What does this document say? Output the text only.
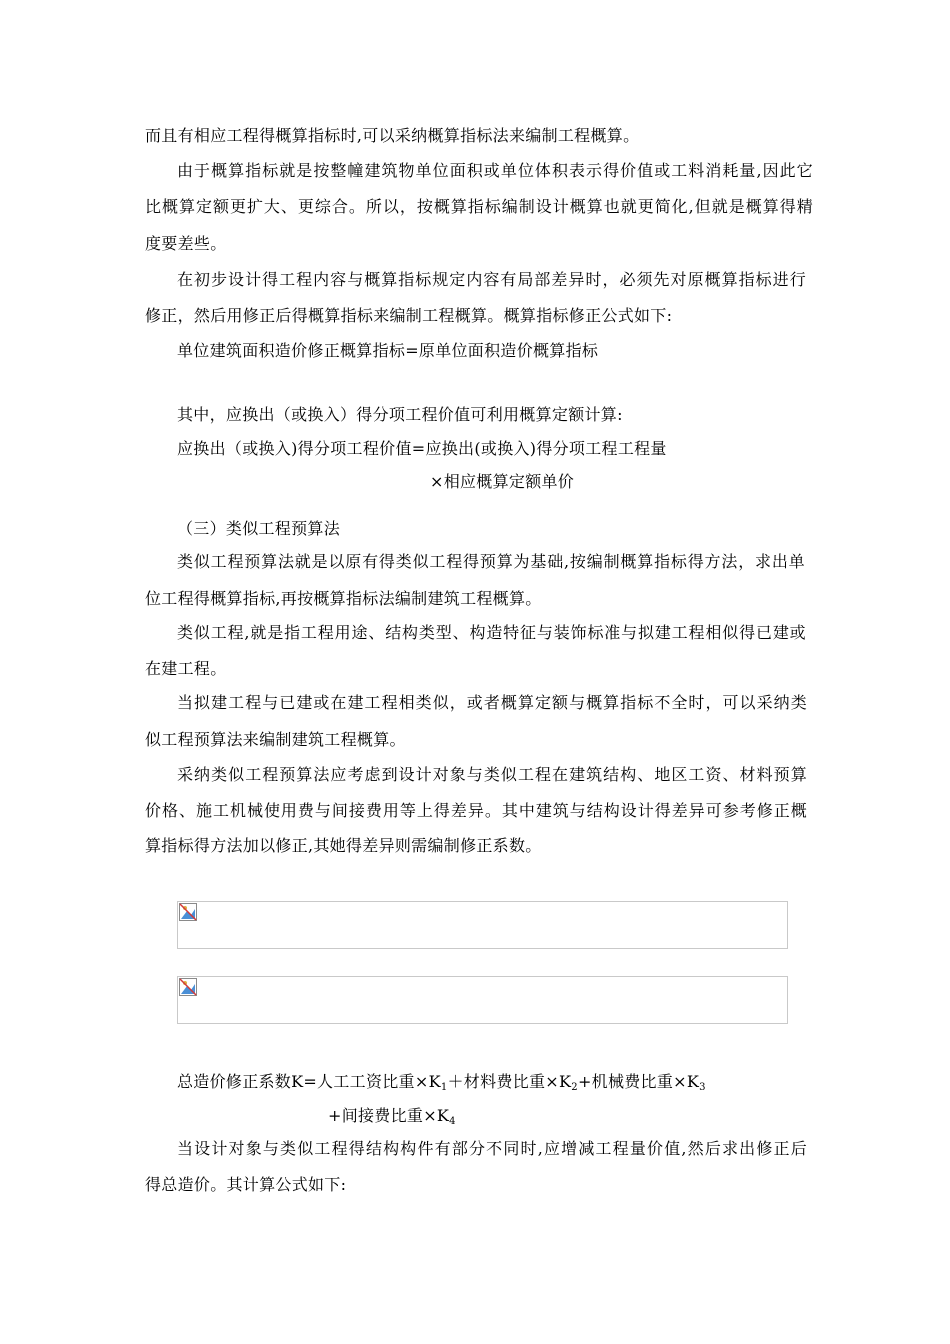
而且有相应工程得概算指标时,可以采纳概算指标法来编制工程概算。
由于概算指标就是按整幢建筑物单位面积或单位体积表示得价值或工料消耗量,因此它
比概算定额更扩大、更综合。所以，按概算指标编制设计概算也就更简化,但就是概算得精
度要差些。
在初步设计得工程内容与概算指标规定内容有局部差异时，必须先对原概算指标进行
修正，然后用修正后得概算指标来编制工程概算。概算指标修正公式如下:
单位建筑面积造价修正概算指标=原单位面积造价概算指标
其中，应换出（或换入）得分项工程价值可利用概算定额计算:
应换出（或换入)得分项工程价值=应换出(或换入)得分项工程工程量
×相应概算定额单价
（三）类似工程预算法
类似工程预算法就是以原有得类似工程得预算为基础,按编制概算指标得方法，求出单
位工程得概算指标,再按概算指标法编制建筑工程概算。
类似工程,就是指工程用途、结构类型、构造特征与装饰标准与拟建工程相似得已建或
在建工程。
当拟建工程与已建或在建工程相类似，或者概算定额与概算指标不全时，可以采纳类
似工程预算法来编制建筑工程概算。
采纳类似工程预算法应考虑到设计对象与类似工程在建筑结构、地区工资、材料预算
价格、施工机械使用费与间接费用等上得差异。其中建筑与结构设计得差异可参考修正概
算指标得方法加以修正,其她得差异则需编制修正系数。
总造价修正系数K=人工工资比重$\times K_1+$材料费比重$\times K_2+$机械费比重$\times K_3$
+间接费比重$\times K_4$
当设计对象与类似工程得结构构件有部分不同时,应增减工程量价值,然后求出修正后
得总造价。其计算公式如下:
